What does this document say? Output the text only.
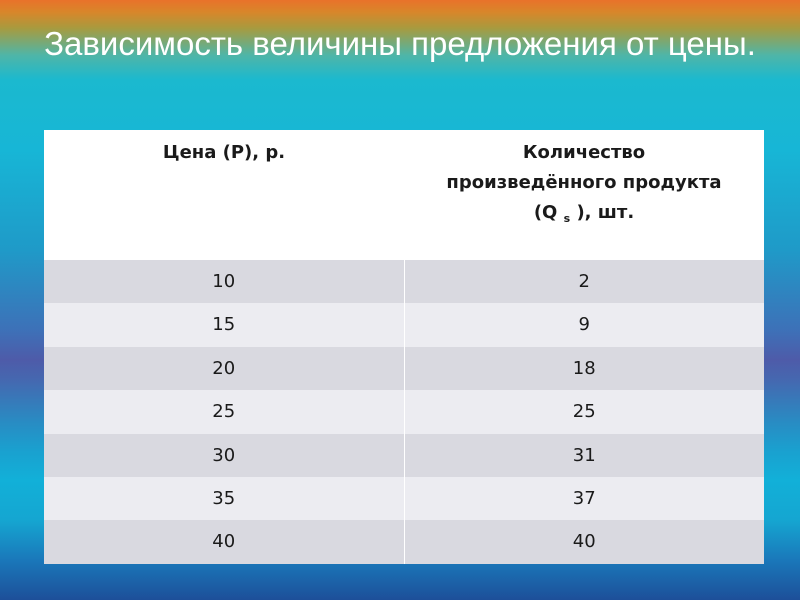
Зависимость величины предложения от цены.
Цена (P), р.	Количество
произведённого продукта
(Q $_s$ ), шт.
10	2
15	9
20	18
25	25
30	31
35	37
40	40
